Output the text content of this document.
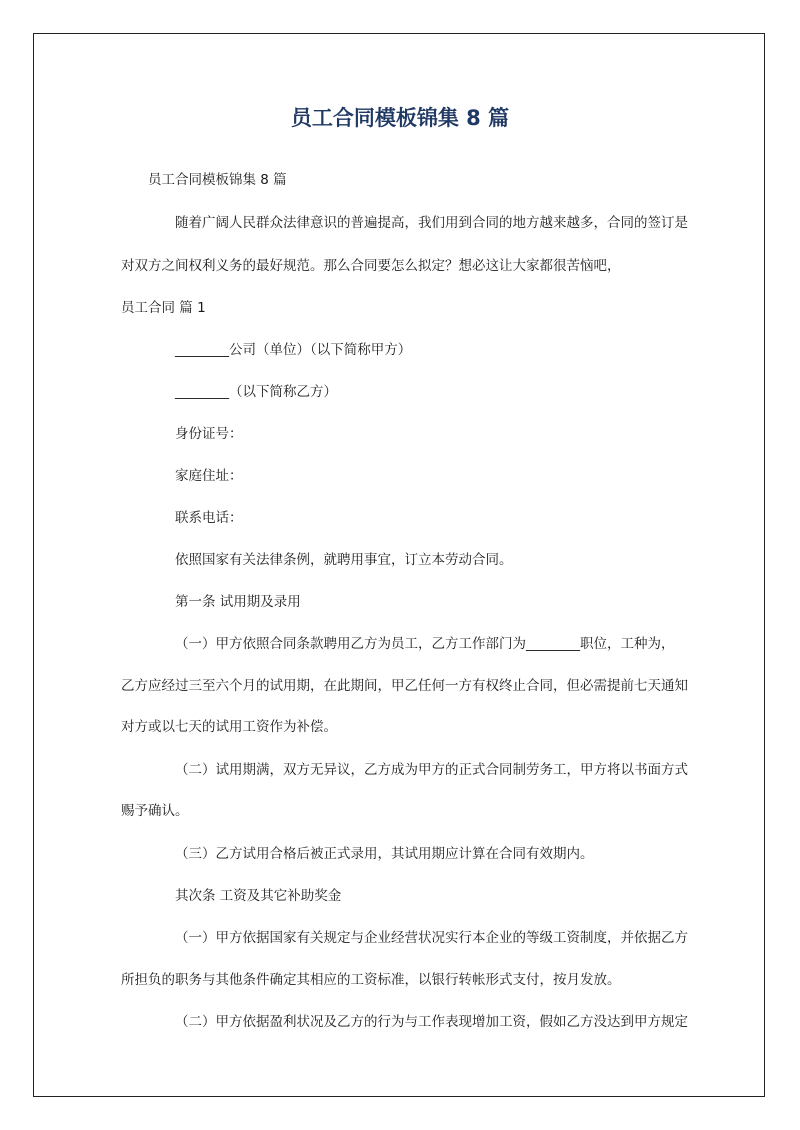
员工合同模板锦集 8 篇
员工合同模板锦集 8 篇
随着广阔人民群众法律意识的普遍提高，我们用到合同的地方越来越多，合同的签订是
对双方之间权利义务的最好规范。那么合同要怎么拟定？想必这让大家都很苦恼吧，
员工合同 篇 1
________公司（单位）（以下简称甲方）
________（以下简称乙方）
身份证号：
家庭住址：
联系电话：
依照国家有关法律条例，就聘用事宜，订立本劳动合同。
第一条 试用期及录用
（一）甲方依照合同条款聘用乙方为员工，乙方工作部门为________职位，工种为，
乙方应经过三至六个月的试用期，在此期间，甲乙任何一方有权终止合同，但必需提前七天通知
对方或以七天的试用工资作为补偿。
（二）试用期满，双方无异议，乙方成为甲方的正式合同制劳务工，甲方将以书面方式
赐予确认。
（三）乙方试用合格后被正式录用，其试用期应计算在合同有效期内。
其次条 工资及其它补助奖金
（一）甲方依据国家有关规定与企业经营状况实行本企业的等级工资制度，并依据乙方
所担负的职务与其他条件确定其相应的工资标准，以银行转帐形式支付，按月发放。
（二）甲方依据盈利状况及乙方的行为与工作表现增加工资，假如乙方没达到甲方规定
